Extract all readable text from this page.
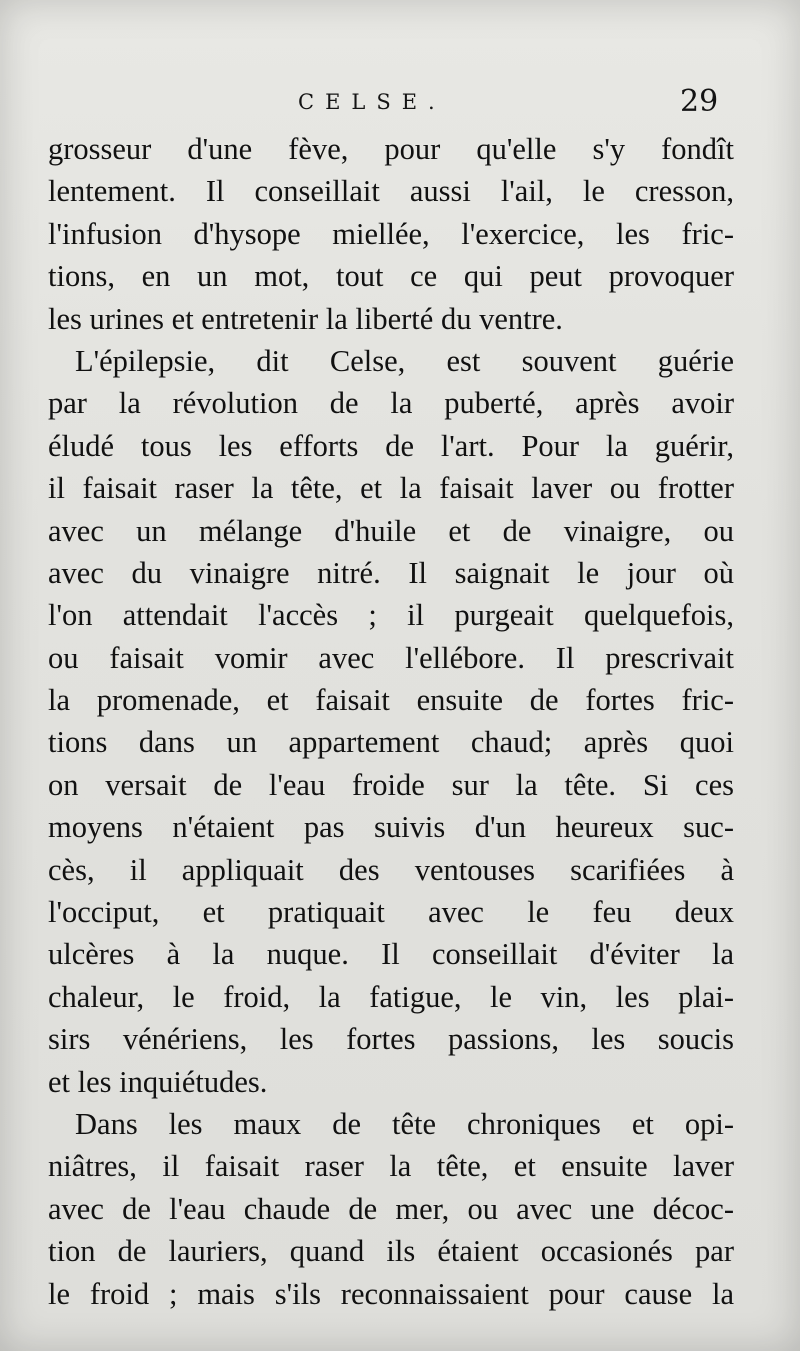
CELSE.	29
grosseur d'une fève, pour qu'elle s'y fondît
lentement. Il conseillait aussi l'ail, le cresson,
l'infusion d'hysope miellée, l'exercice, les fric-
tions, en un mot, tout ce qui peut provoquer
les urines et entretenir la liberté du ventre.
L'épilepsie, dit Celse, est souvent guérie
par la révolution de la puberté, après avoir
éludé tous les efforts de l'art. Pour la guérir,
il faisait raser la tête, et la faisait laver ou frotter
avec un mélange d'huile et de vinaigre, ou
avec du vinaigre nitré. Il saignait le jour où
l'on attendait l'accès ; il purgeait quelquefois,
ou faisait vomir avec l'ellébore. Il prescrivait
la promenade, et faisait ensuite de fortes fric-
tions dans un appartement chaud; après quoi
on versait de l'eau froide sur la tête. Si ces
moyens n'étaient pas suivis d'un heureux suc-
cès, il appliquait des ventouses scarifiées à
l'occiput, et pratiquait avec le feu deux
ulcères à la nuque. Il conseillait d'éviter la
chaleur, le froid, la fatigue, le vin, les plai-
sirs vénériens, les fortes passions, les soucis
et les inquiétudes.
Dans les maux de tête chroniques et opi-
niâtres, il faisait raser la tête, et ensuite laver
avec de l'eau chaude de mer, ou avec une décoc-
tion de lauriers, quand ils étaient occasionés par
le froid ; mais s'ils reconnaissaient pour cause la
